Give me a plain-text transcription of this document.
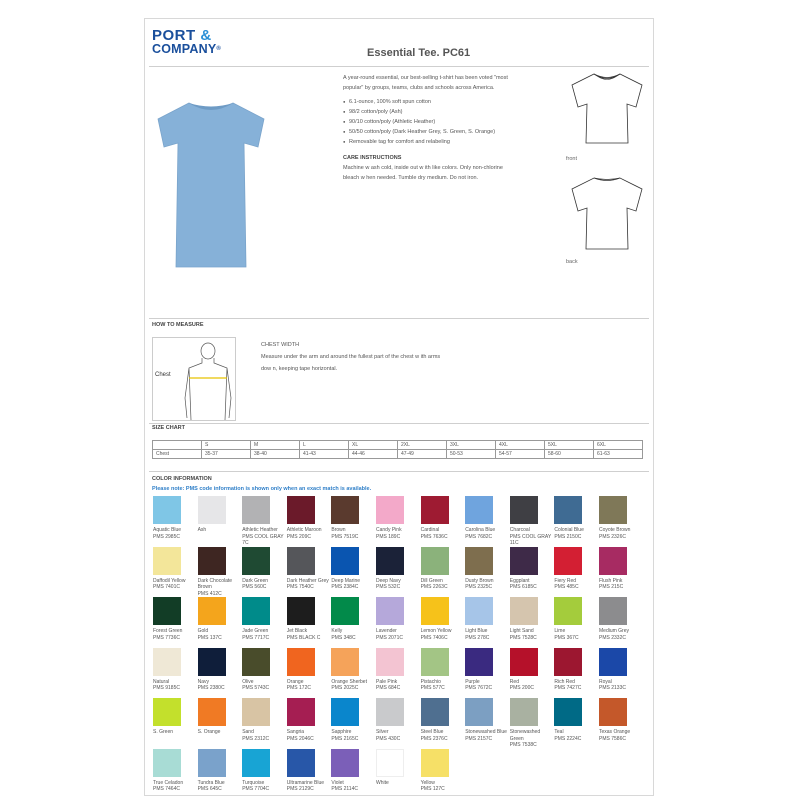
PORT &
COMPANY®	Essential Tee. PC61
A year-round essential, our best-selling t-shirt has been voted "most popular" by groups, teams, clubs and schools across America.
● 6.1-ounce, 100% soft spun cotton
● 98/2 cotton/poly (Ash)
● 90/10 cotton/poly (Athletic Heather)
● 50/50 cotton/poly (Dark Heather Grey, S. Green, S. Orange)
● Removable tag for comfort and relabeling
CARE INSTRUCTIONS
Machine w ash cold, inside out w ith like colors. Only non-chlorine bleach w hen needed. Tumble dry medium. Do not iron.
front
back
HOW TO MEASURE
Chest
CHEST WIDTH
Measure under the arm and around the fullest part of the chest w ith arms dow n, keeping tape horizontal.
SIZE CHART
	S	M	L	XL	2XL	3XL	4XL	5XL	6XL
Chest	35-37	38-40	41-43	44-46	47-49	50-53	54-57	58-60	61-63
COLOR INFORMATION
Please note: PMS code information is shown only when an exact match is available.
Aquatic Blue
PMS 2985C
Ash	Athletic Heather
PMS COOL GRAY 7C
Athletic Maroon
PMS 209C
Brown
PMS 7519C
Candy Pink
PMS 189C
Cardinal
PMS 7636C
Carolina Blue
PMS 7682C
Charcoal
PMS COOL GRAY 11C
Colonial Blue
PMS 2150C
Coyote Brown
PMS 2326C
Daffodil Yellow
PMS 7401C
Dark Chocolate Brown
PMS 412C
Dark Green
PMS 560C
Dark Heather Grey
PMS 7540C
Deep Marine
PMS 2384C
Deep Navy
PMS 532C
Dill Green
PMS 2263C
Dusty Brown
PMS 2325C
Eggplant
PMS 6185C
Fiery Red
PMS 485C
Flush Pink
PMS 215C
Forest Green
PMS 7736C
Gold
PMS 137C
Jade Green
PMS 7717C
Jet Black
PMS BLACK C
Kelly
PMS 348C
Lavender
PMS 2071C
Lemon Yellow
PMS 7406C
Light Blue
PMS 278C
Light Sand
PMS 7528C
Lime
PMS 367C
Medium Grey
PMS 2332C
Natural
PMS 9185C
Navy
PMS 2380C
Olive
PMS 5743C
Orange
PMS 172C
Orange Sherbet
PMS 2025C
Pale Pink
PMS 684C
Pistachio
PMS 577C
Purple
PMS 7672C
Red
PMS 200C
Rich Red
PMS 7427C
Royal
PMS 2133C
S. Green	S. Orange	Sand
PMS 2312C
Sangria
PMS 2046C
Sapphire
PMS 2165C
Silver
PMS 430C
Steel Blue
PMS 2376C
Stonewashed Blue
PMS 2157C
Stonewashed Green
PMS 7538C
Teal
PMS 2224C
Texas Orange
PMS 7586C
True Celadon
PMS 7464C
Tundra Blue
PMS 645C
Turquoise
PMS 7704C
Ultramarine Blue
PMS 2129C
Violet
PMS 2114C
White	Yellow
PMS 127C
